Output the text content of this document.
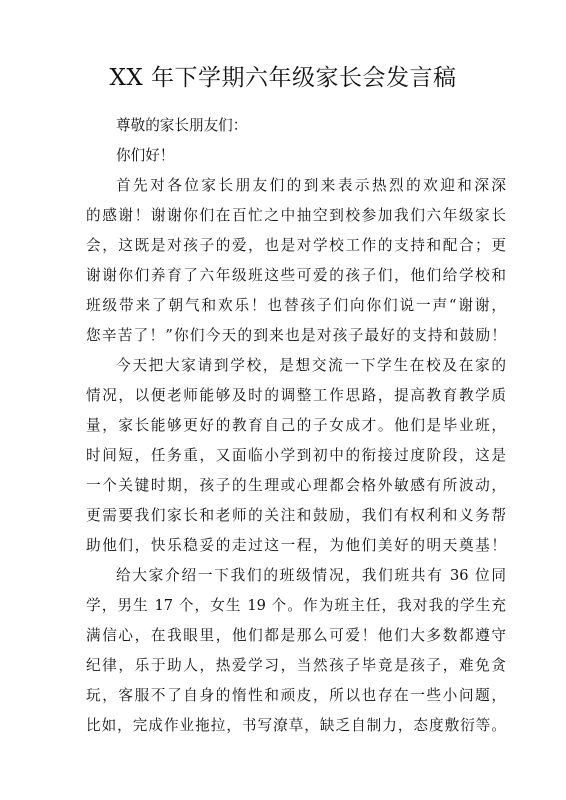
XX 年下学期六年级家长会发言稿
尊敬的家长朋友们：
你们好！
首先对各位家长朋友们的到来表示热烈的欢迎和深深
的感谢！谢谢你们在百忙之中抽空到校参加我们六年级家长
会，这既是对孩子的爱，也是对学校工作的支持和配合；更
谢谢你们养育了六年级班这些可爱的孩子们，他们给学校和
班级带来了朝气和欢乐！也替孩子们向你们说一声“谢谢，
您辛苦了！”你们今天的到来也是对孩子最好的支持和鼓励！
今天把大家请到学校，是想交流一下学生在校及在家的
情况，以便老师能够及时的调整工作思路，提高教育教学质
量，家长能够更好的教育自己的子女成才。他们是毕业班，
时间短，任务重，又面临小学到初中的衔接过度阶段，这是
一个关键时期，孩子的生理或心理都会格外敏感有所波动，
更需要我们家长和老师的关注和鼓励，我们有权利和义务帮
助他们，快乐稳妥的走过这一程，为他们美好的明天奠基！
给大家介绍一下我们的班级情况，我们班共有 36 位同
学，男生 17 个，女生 19 个。作为班主任，我对我的学生充
满信心，在我眼里，他们都是那么可爱！他们大多数都遵守
纪律，乐于助人，热爱学习，当然孩子毕竟是孩子，难免贪
玩，客服不了自身的惰性和顽皮，所以也存在一些小问题，
比如，完成作业拖拉，书写潦草，缺乏自制力，态度敷衍等。
